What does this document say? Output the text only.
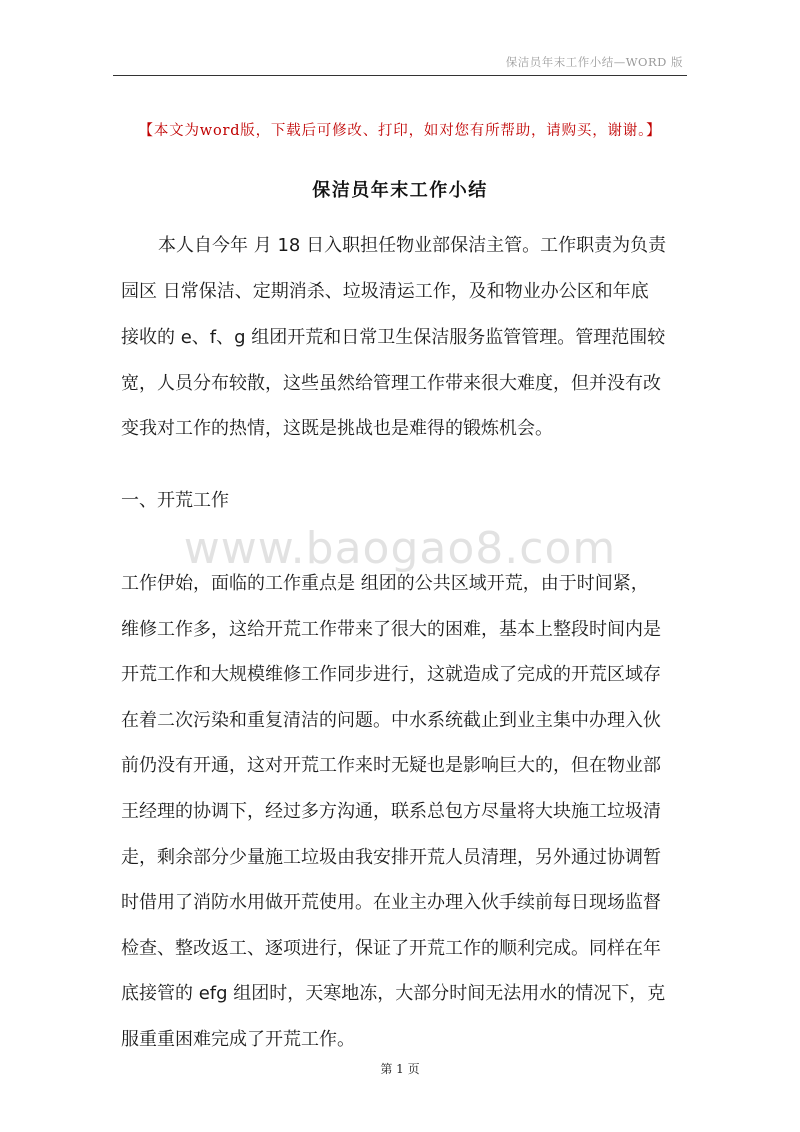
保洁员年末工作小结—WORD 版
【本文为word版，下载后可修改、打印，如对您有所帮助，请购买，谢谢。】
保洁员年末工作小结
本人自今年 月 18 日入职担任物业部保洁主管。工作职责为负责
园区 日常保洁、定期消杀、垃圾清运工作，及和物业办公区和年底
接收的 e、f、g 组团开荒和日常卫生保洁服务监管管理。管理范围较
宽，人员分布较散，这些虽然给管理工作带来很大难度，但并没有改
变我对工作的热情，这既是挑战也是难得的锻炼机会。
一、开荒工作
www.baogao8.com
工作伊始，面临的工作重点是 组团的公共区域开荒，由于时间紧，
维修工作多，这给开荒工作带来了很大的困难，基本上整段时间内是
开荒工作和大规模维修工作同步进行，这就造成了完成的开荒区域存
在着二次污染和重复清洁的问题。中水系统截止到业主集中办理入伙
前仍没有开通，这对开荒工作来时无疑也是影响巨大的，但在物业部
王经理的协调下，经过多方沟通，联系总包方尽量将大块施工垃圾清
走，剩余部分少量施工垃圾由我安排开荒人员清理，另外通过协调暂
时借用了消防水用做开荒使用。在业主办理入伙手续前每日现场监督
检查、整改返工、逐项进行，保证了开荒工作的顺利完成。同样在年
底接管的 efg 组团时，天寒地冻，大部分时间无法用水的情况下，克
服重重困难完成了开荒工作。
第 1 页
